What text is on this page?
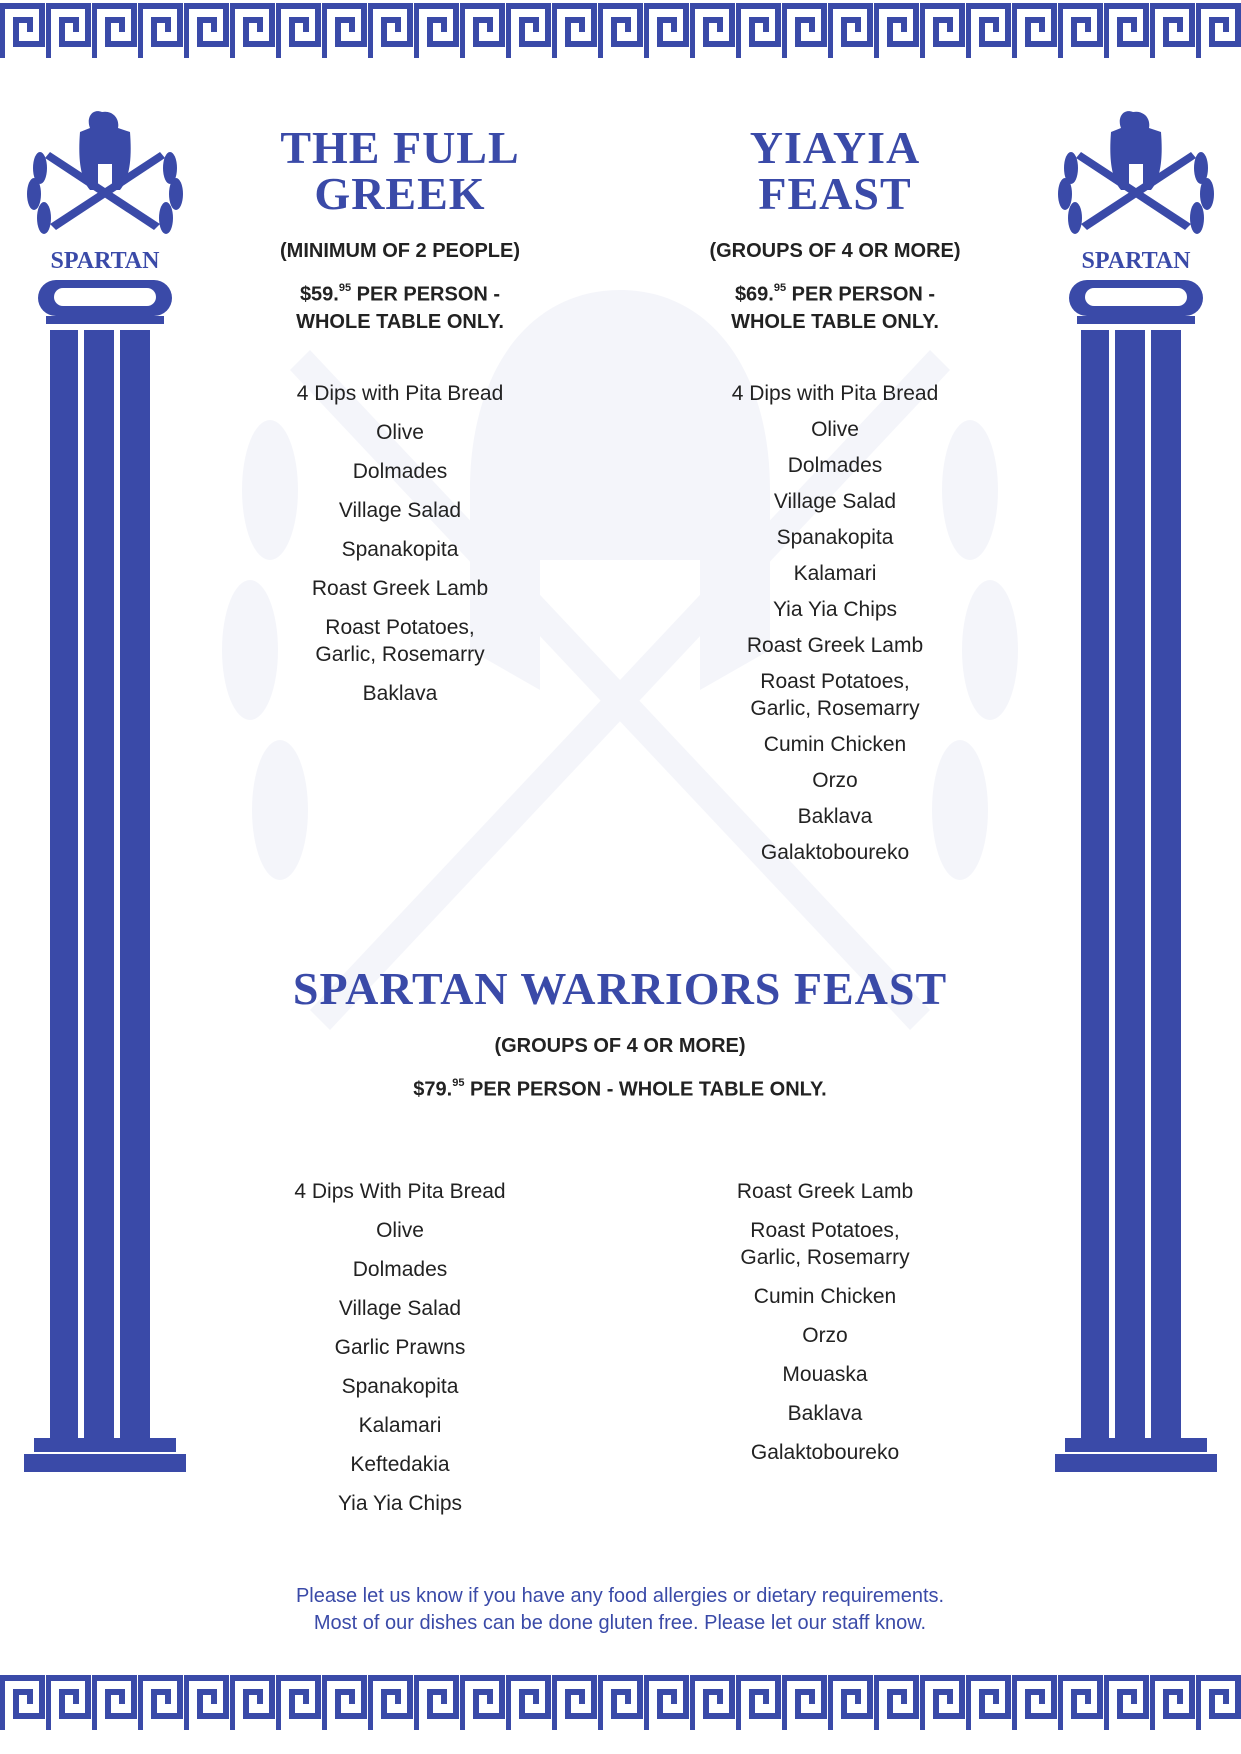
SPARTAN	SPARTAN
THE FULL
GREEK

(MINIMUM OF 2 PEOPLE)

$59.95 PER PERSON -
WHOLE TABLE ONLY.
4 Dips with Pita Bread
Olive
Dolmades
Village Salad
Spanakopita
Roast Greek Lamb
Roast Potatoes,
Garlic, Rosemarry
Baklava
YIAYIA
FEAST

(GROUPS OF 4 OR MORE)

$69.95 PER PERSON -
WHOLE TABLE ONLY.
4 Dips with Pita Bread
Olive
Dolmades
Village Salad
Spanakopita
Kalamari
Yia Yia Chips
Roast Greek Lamb
Roast Potatoes,
Garlic, Rosemarry
Cumin Chicken
Orzo
Baklava
Galaktoboureko
SPARTAN WARRIORS FEAST

(GROUPS OF 4 OR MORE)

$79.95 PER PERSON - WHOLE TABLE ONLY.
4 Dips With Pita Bread
Olive
Dolmades
Village Salad
Garlic Prawns
Spanakopita
Kalamari
Keftedakia
Yia Yia Chips
Roast Greek Lamb
Roast Potatoes,
Garlic, Rosemarry
Cumin Chicken
Orzo
Mouaska
Baklava
Galaktoboureko
Please let us know if you have any food allergies or dietary requirements.
Most of our dishes can be done gluten free. Please let our staff know.
